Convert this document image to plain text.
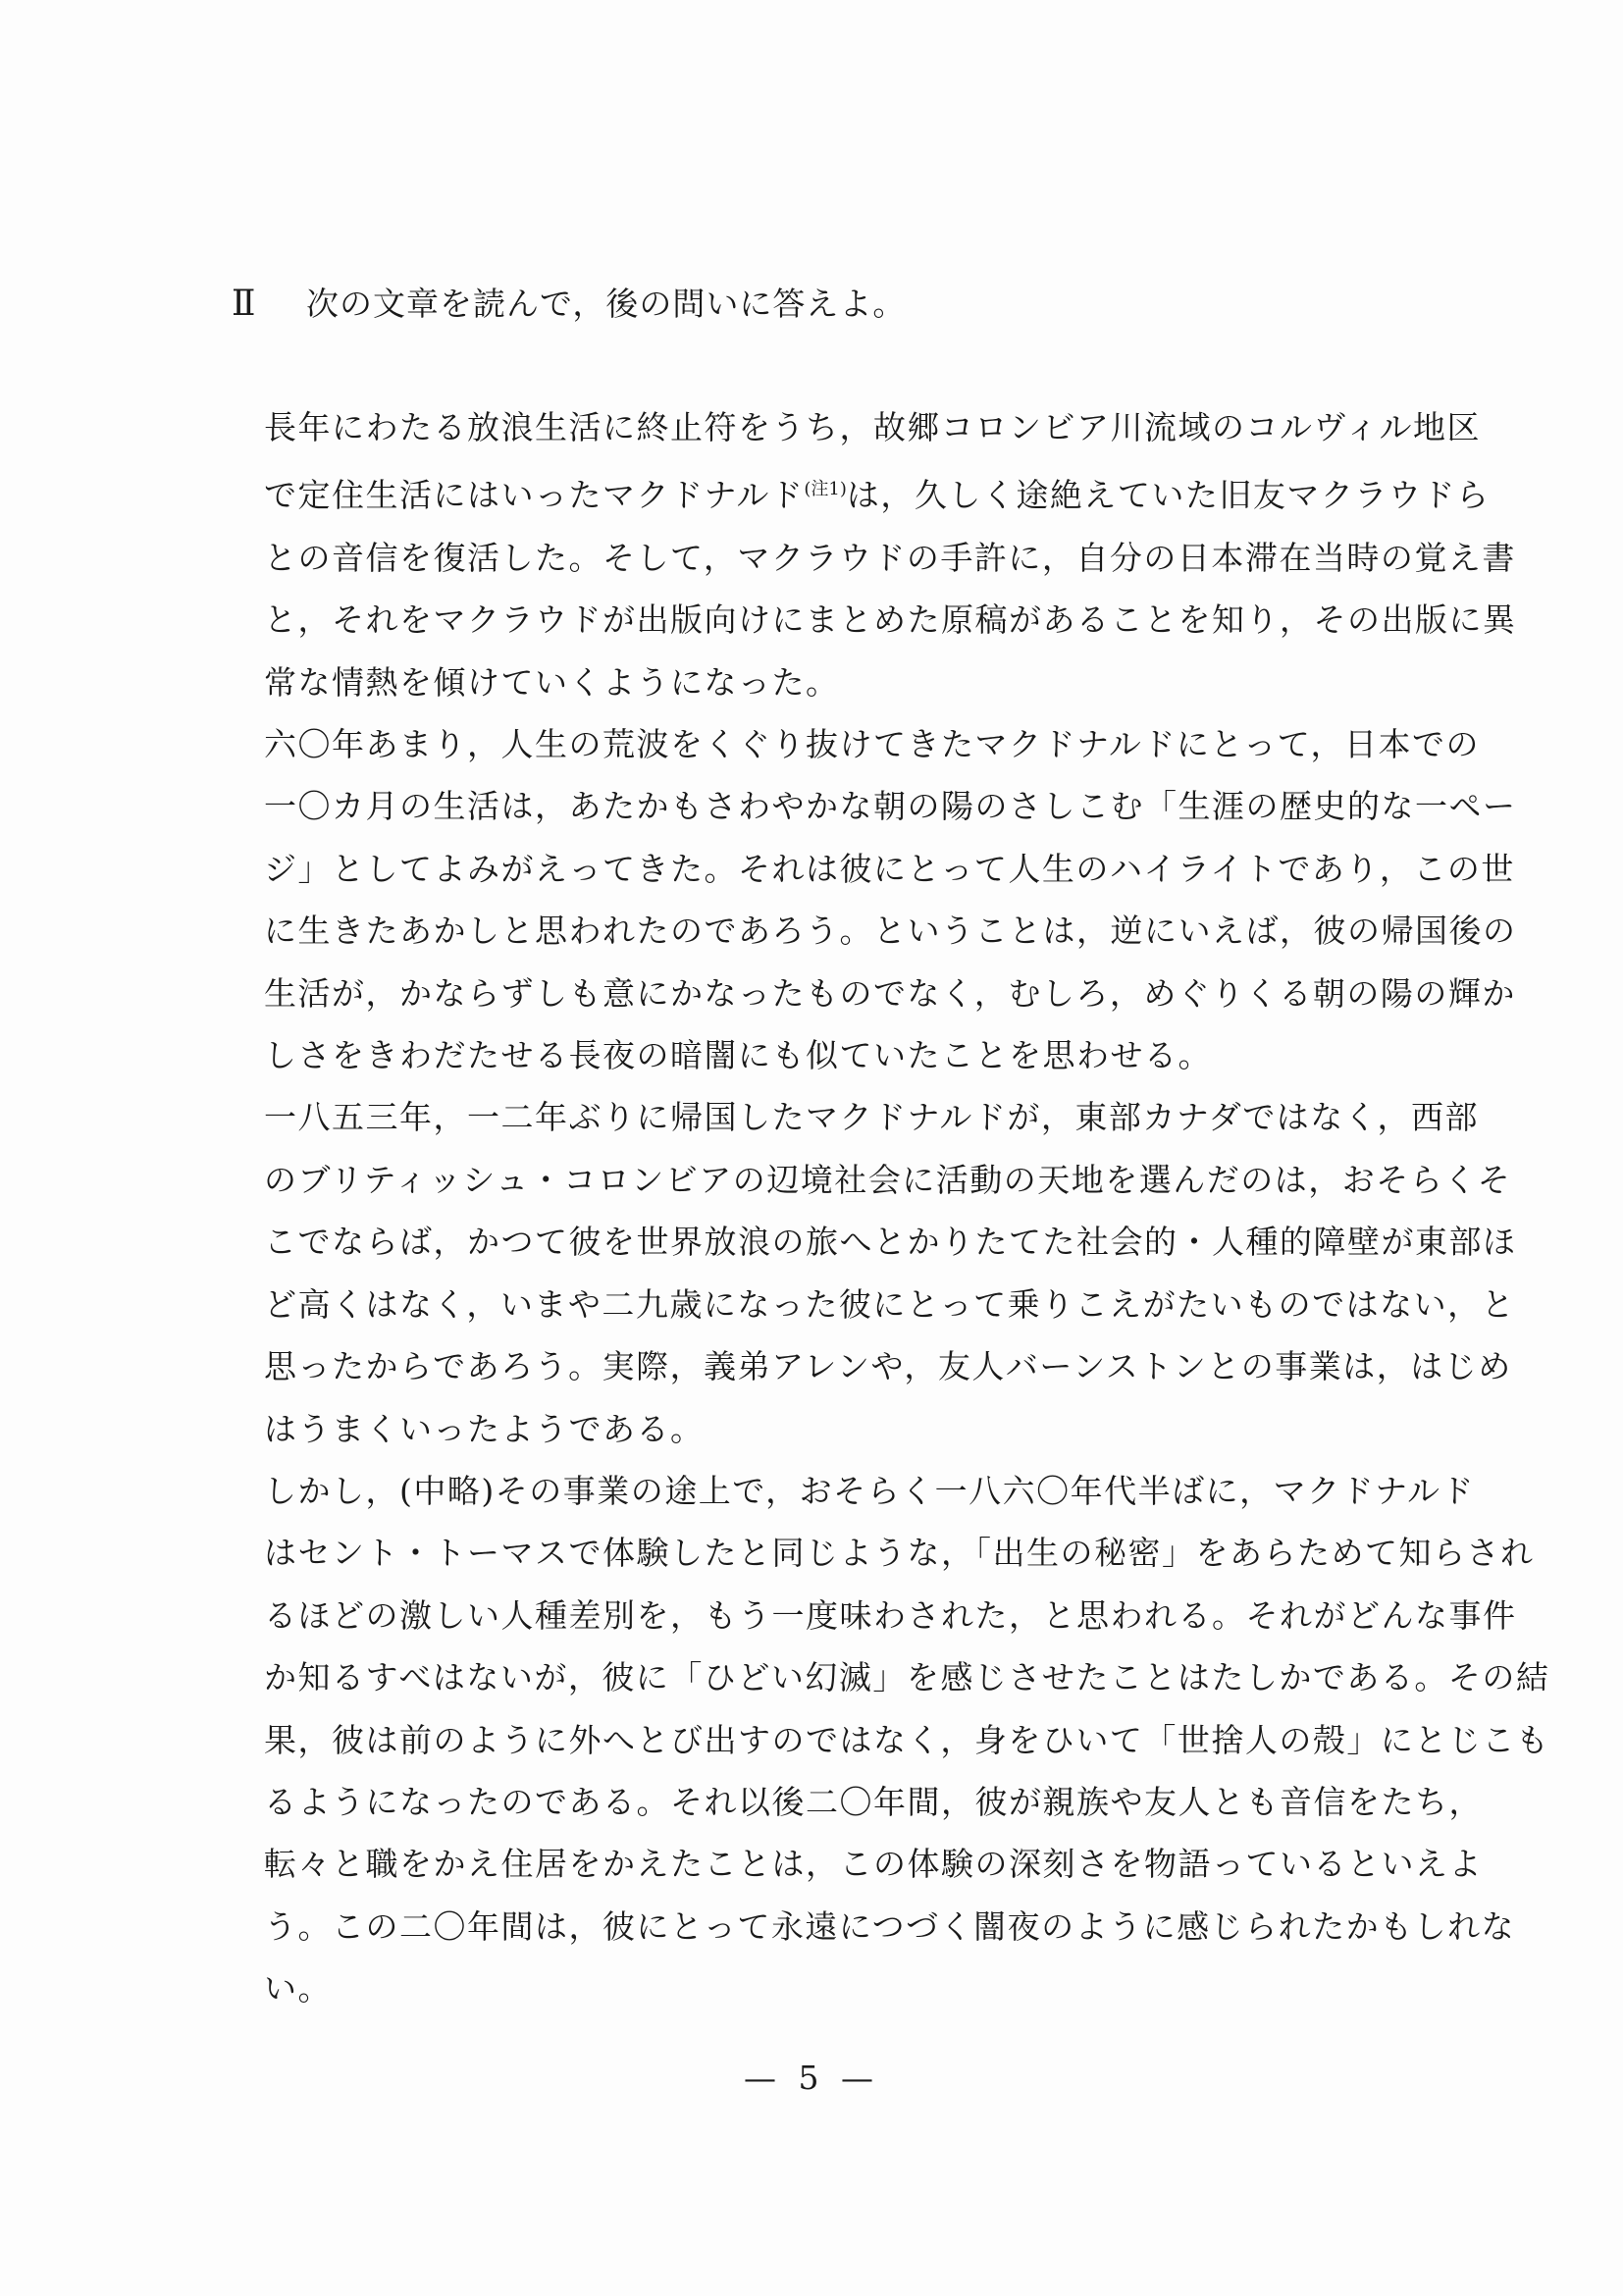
Ⅱ 次の文章を読んで，後の問いに答えよ。

長年にわたる放浪生活に終止符をうち，故郷コロンビア川流域のコルヴィル地区
で定住生活にはいったマクドナルド$^{(注1)}$は，久しく途絶えていた旧友マクラウドら
との音信を復活した。そして，マクラウドの手許に，自分の日本滞在当時の覚え書
と，それをマクラウドが出版向けにまとめた原稿があることを知り，その出版に異
常な情熱を傾けていくようになった。

六〇年あまり，人生の荒波をくぐり抜けてきたマクドナルドにとって，日本での
一〇カ月の生活は，あたかもさわやかな朝の陽のさしこむ「生涯の歴史的な一ペー
ジ」としてよみがえってきた。それは彼にとって人生のハイライトであり，この世
に生きたあかしと思われたのであろう。ということは，逆にいえば，彼の帰国後の
生活が，かならずしも意にかなったものでなく，むしろ，めぐりくる朝の陽の輝か
しさをきわだたせる長夜の暗闇にも似ていたことを思わせる。

一八五三年，一二年ぶりに帰国したマクドナルドが，東部カナダではなく，西部
のブリティッシュ・コロンビアの辺境社会に活動の天地を選んだのは，おそらくそ
こでならば，かつて彼を世界放浪の旅へとかりたてた社会的・人種的障壁が東部ほ
ど高くはなく，いまや二九歳になった彼にとって乗りこえがたいものではない，と
思ったからであろう。実際，義弟アレンや，友人バーンストンとの事業は，はじめ
はうまくいったようである。

しかし，(中略)その事業の途上で，おそらく一八六〇年代半ばに，マクドナルド
はセント・トーマスで体験したと同じような，「出生の秘密」をあらためて知らされ
るほどの激しい人種差別を，もう一度味わされた，と思われる。それがどんな事件
か知るすべはないが，彼に「ひどい幻滅」を感じさせたことはたしかである。その結
果，彼は前のように外へとび出すのではなく，身をひいて「世捨人の殻」にとじこも
るようになったのである。それ以後二〇年間，彼が親族や友人とも音信をたち，
転々と職をかえ住居をかえたことは，この体験の深刻さを物語っているといえよ
う。この二〇年間は，彼にとって永遠につづく闇夜のように感じられたかもしれな
い。

— 5 —
